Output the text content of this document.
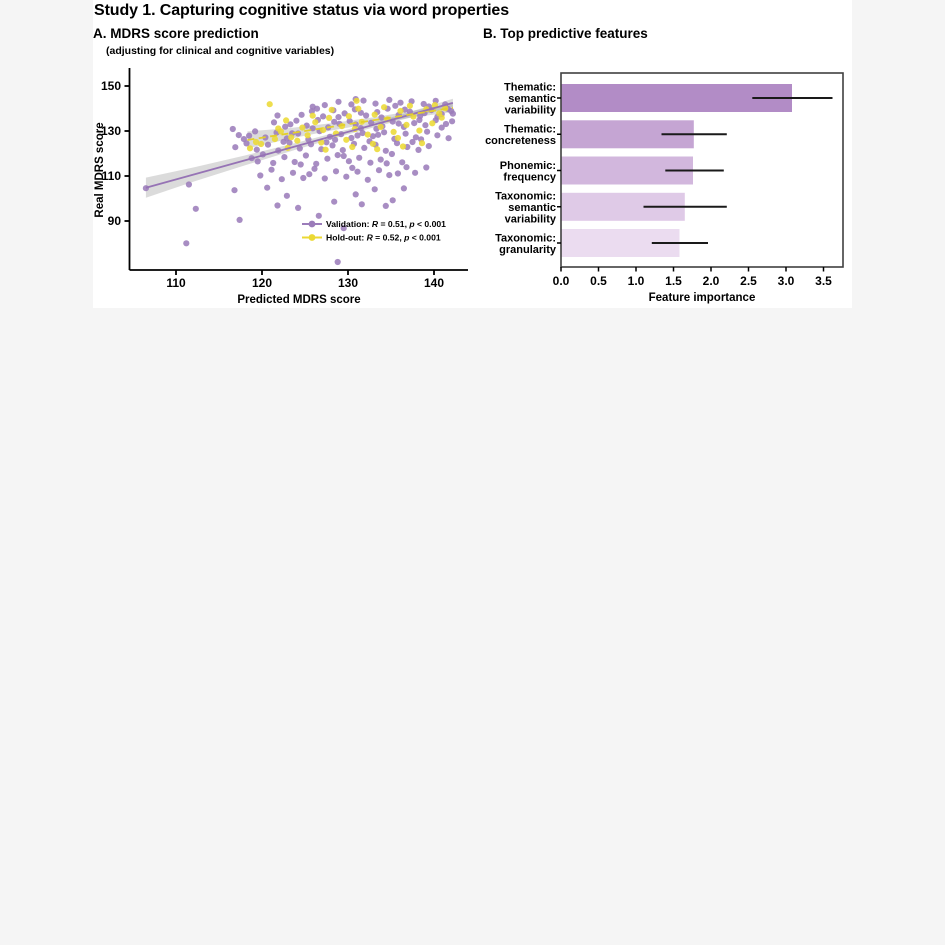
Study 1. Capturing cognitive status via word properties
A. MDRS score prediction
(adjusting for clinical and cognitive variables)
B. Top predictive features
90
110
130
150
110	120	130	140
Predicted MDRS score
Real MDRS score
Validation: R = 0.51, p < 0.001
Hold-out: R = 0.52, p < 0.001
Thematic: semantic variability
Thematic: concreteness
Phonemic: frequency
Taxonomic: semantic variability
Taxonomic: granularity
0.0 0.5 1.0 1.5 2.0 2.5 3.0 3.5
Feature importance
